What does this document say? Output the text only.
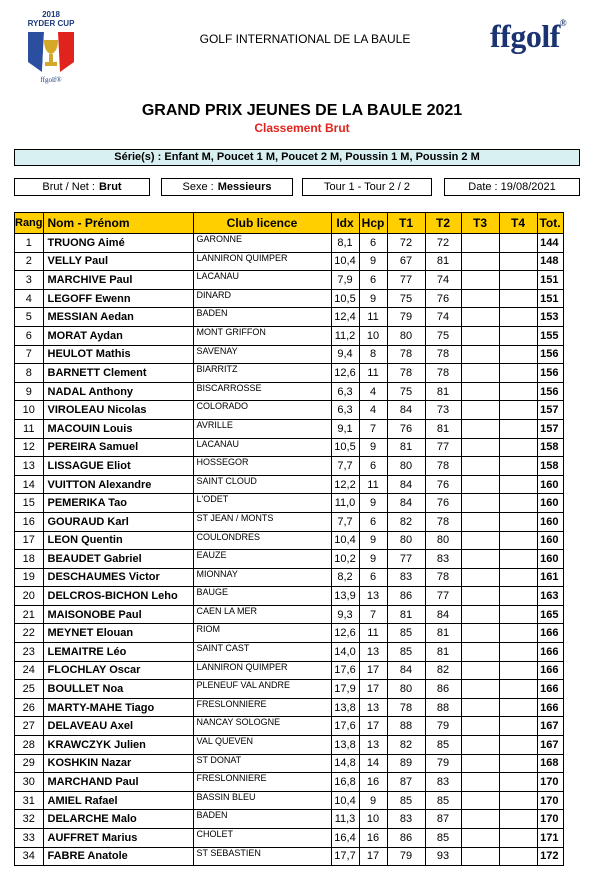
2018
RYDER CUP
ffgolf®
GOLF INTERNATIONAL DE LA BAULE	ffgolf®
GRAND PRIX JEUNES DE LA BAULE 2021
Classement Brut
Série(s) : Enfant M, Poucet 1 M, Poucet 2 M, Poussin 1 M, Poussin 2 M
Brut / Net : Brut	Sexe : Messieurs	Tour 1 - Tour 2 / 2	Date : 19/08/2021
Rang	Nom - Prénom	Club licence	Idx	Hcp	T1	T2	T3	T4	Tot.
1	TRUONG Aimé	GARONNE	8,1	6	72	72			144
2	VELLY Paul	LANNIRON QUIMPER	10,4	9	67	81			148
3	MARCHIVE Paul	LACANAU	7,9	6	77	74			151
4	LEGOFF Ewenn	DINARD	10,5	9	75	76			151
5	MESSIAN Aedan	BADEN	12,4	11	79	74			153
6	MORAT Aydan	MONT GRIFFON	11,2	10	80	75			155
7	HEULOT Mathis	SAVENAY	9,4	8	78	78			156
8	BARNETT Clement	BIARRITZ	12,6	11	78	78			156
9	NADAL Anthony	BISCARROSSE	6,3	4	75	81			156
10	VIROLEAU Nicolas	COLORADO	6,3	4	84	73			157
11	MACOUIN Louis	AVRILLE	9,1	7	76	81			157
12	PEREIRA Samuel	LACANAU	10,5	9	81	77			158
13	LISSAGUE Eliot	HOSSEGOR	7,7	6	80	78			158
14	VUITTON Alexandre	SAINT CLOUD	12,2	11	84	76			160
15	PEMERIKA Tao	L'ODET	11,0	9	84	76			160
16	GOURAUD Karl	ST JEAN / MONTS	7,7	6	82	78			160
17	LEON Quentin	COULONDRES	10,4	9	80	80			160
18	BEAUDET Gabriel	EAUZE	10,2	9	77	83			160
19	DESCHAUMES Victor	MIONNAY	8,2	6	83	78			161
20	DELCROS-BICHON Leho	BAUGE	13,9	13	86	77			163
21	MAISONOBE Paul	CAEN LA MER	9,3	7	81	84			165
22	MEYNET Elouan	RIOM	12,6	11	85	81			166
23	LEMAITRE Léo	SAINT CAST	14,0	13	85	81			166
24	FLOCHLAY Oscar	LANNIRON QUIMPER	17,6	17	84	82			166
25	BOULLET Noa	PLENEUF VAL ANDRE	17,9	17	80	86			166
26	MARTY-MAHE Tiago	FRESLONNIERE	13,8	13	78	88			166
27	DELAVEAU Axel	NANCAY SOLOGNE	17,6	17	88	79			167
28	KRAWCZYK Julien	VAL QUEVEN	13,8	13	82	85			167
29	KOSHKIN Nazar	ST DONAT	14,8	14	89	79			168
30	MARCHAND Paul	FRESLONNIERE	16,8	16	87	83			170
31	AMIEL Rafael	BASSIN BLEU	10,4	9	85	85			170
32	DELARCHE Malo	BADEN	11,3	10	83	87			170
33	AUFFRET Marius	CHOLET	16,4	16	86	85			171
34	FABRE Anatole	ST SEBASTIEN	17,7	17	79	93			172
